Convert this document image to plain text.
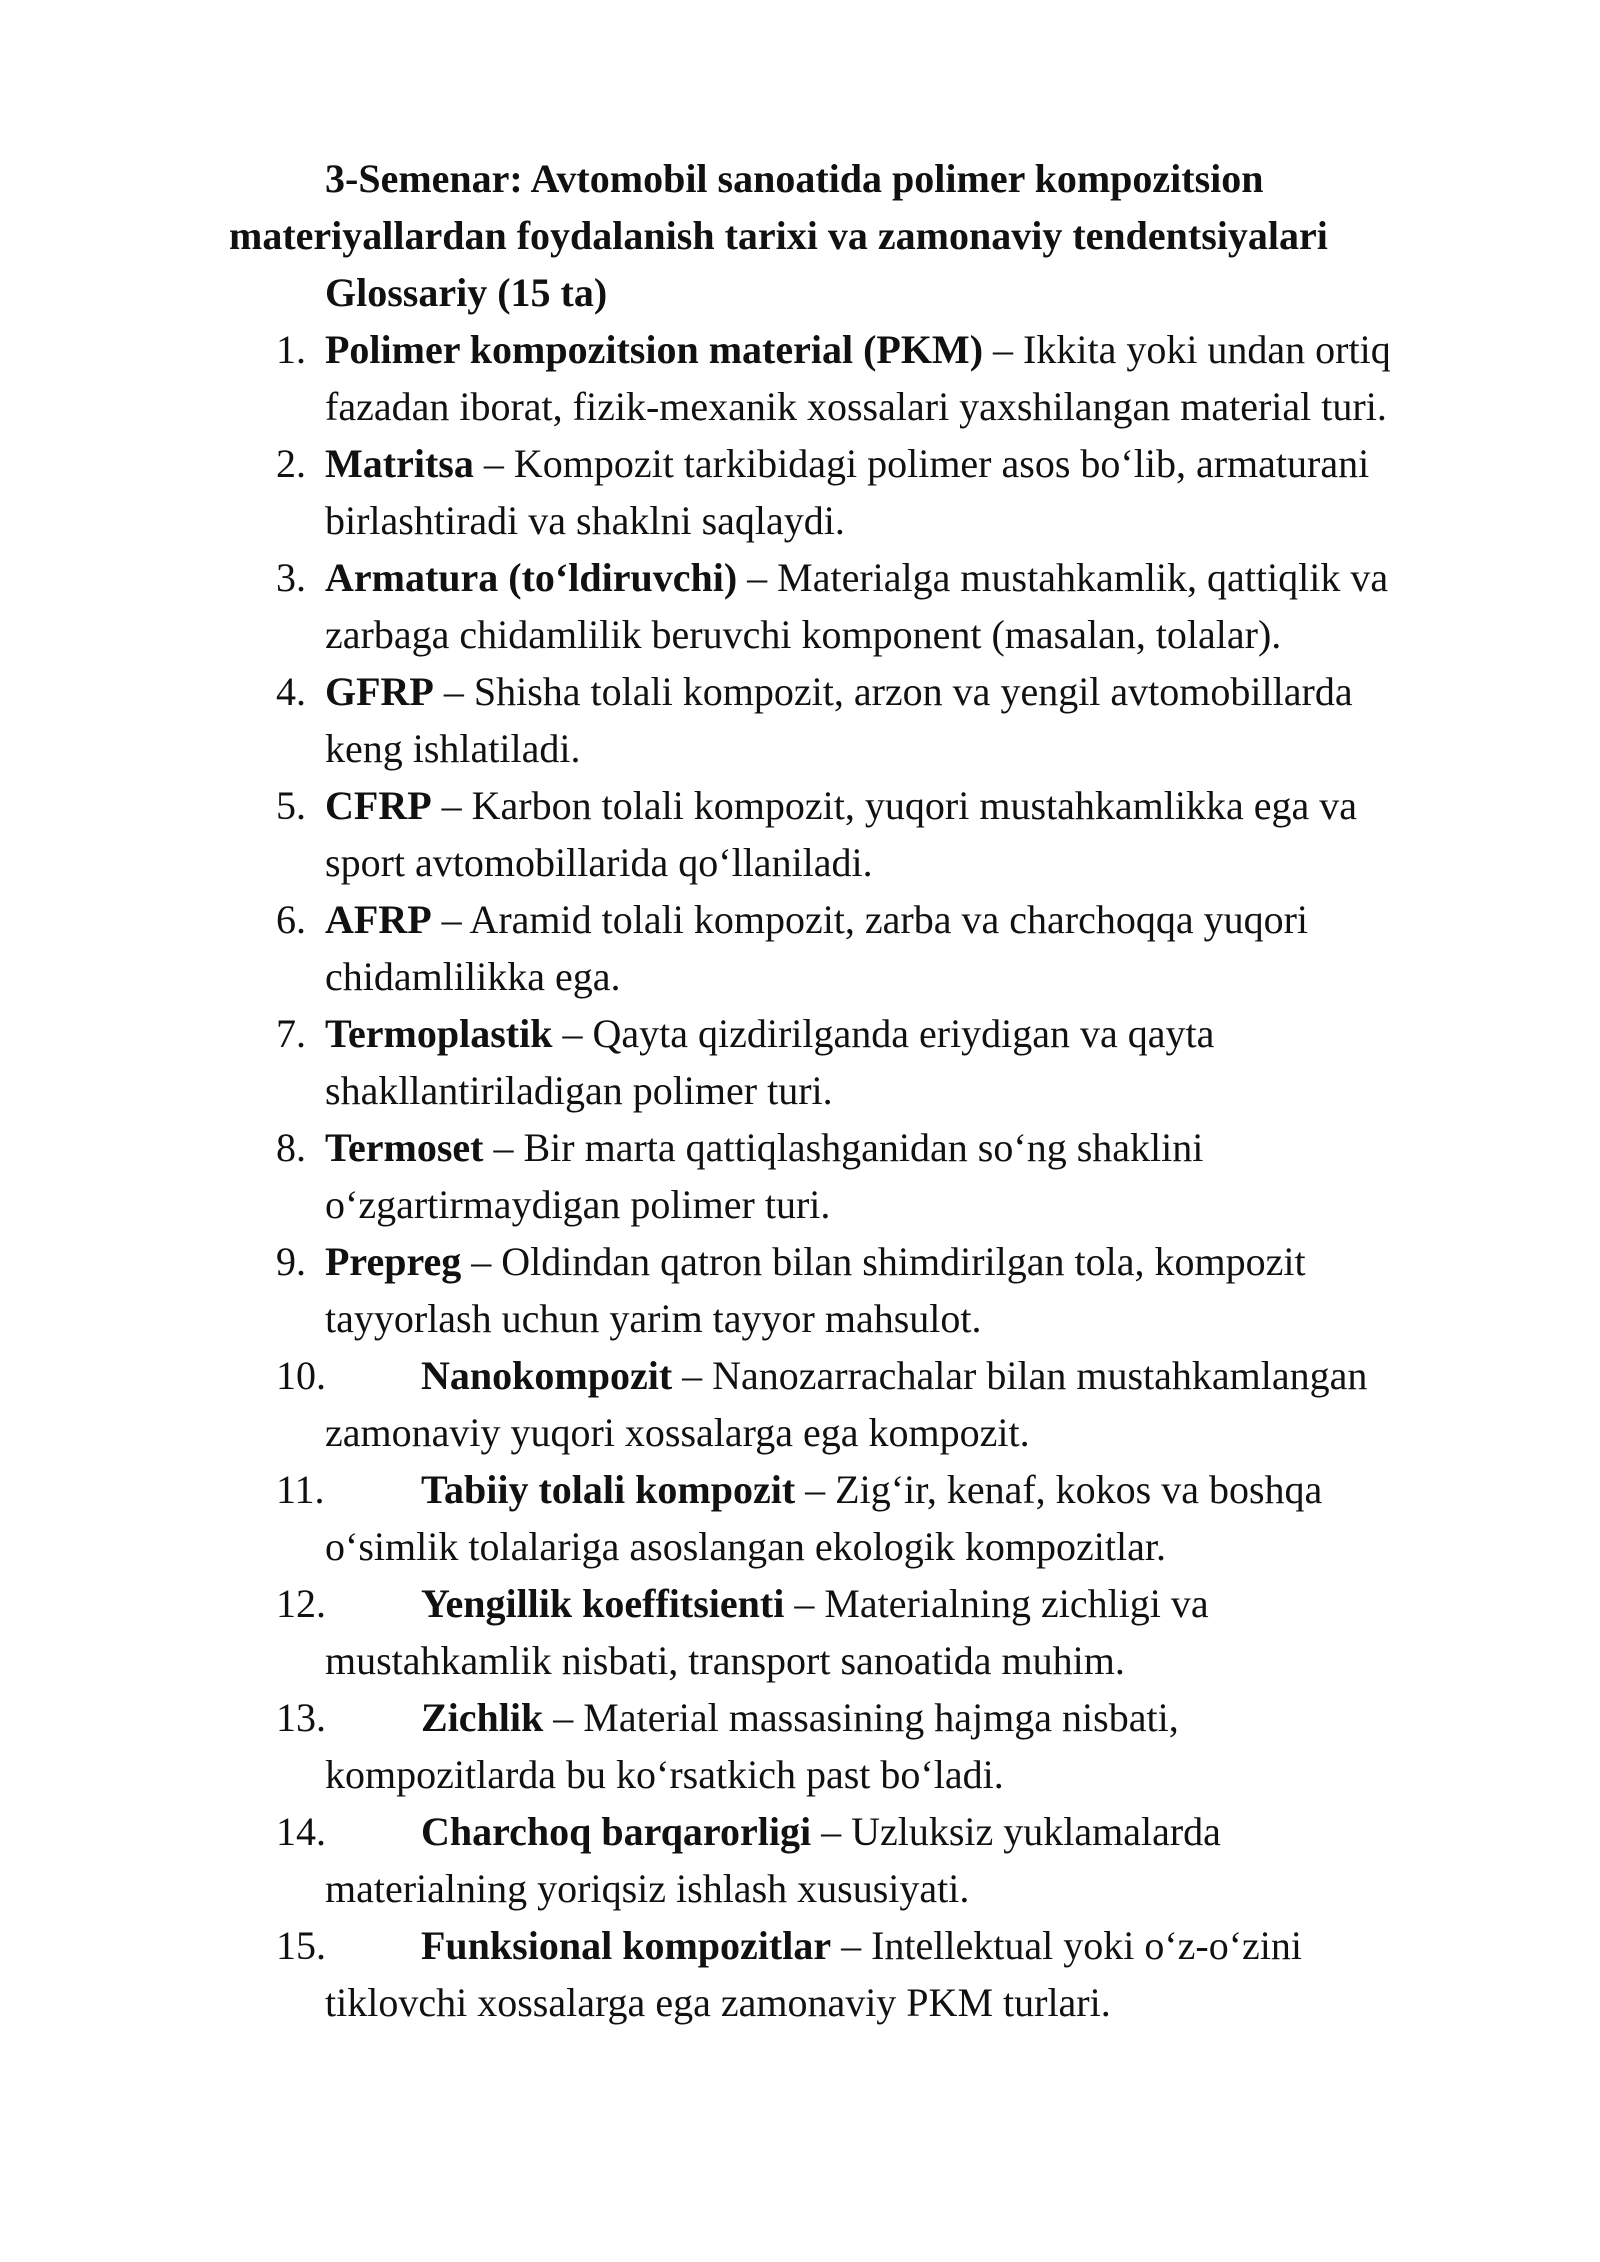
3-Semenar: Avtomobil sanoatida polimer kompozitsion
materiyallardan foydalanish tarixi va zamonaviy tendentsiyalari
Glossariy (15 ta)
1. Polimer kompozitsion material (PKM) – Ikkita yoki undan ortiq
fazadan iborat, fizik-mexanik xossalari yaxshilangan material turi.
2. Matritsa – Kompozit tarkibidagi polimer asos bo‘lib, armaturani
birlashtiradi va shaklni saqlaydi.
3. Armatura (to‘ldiruvchi) – Materialga mustahkamlik, qattiqlik va
zarbaga chidamlilik beruvchi komponent (masalan, tolalar).
4. GFRP – Shisha tolali kompozit, arzon va yengil avtomobillarda
keng ishlatiladi.
5. CFRP – Karbon tolali kompozit, yuqori mustahkamlikka ega va
sport avtomobillarida qo‘llaniladi.
6. AFRP – Aramid tolali kompozit, zarba va charchoqqa yuqori
chidamlilikka ega.
7. Termoplastik – Qayta qizdirilganda eriydigan va qayta
shakllantiriladigan polimer turi.
8. Termoset – Bir marta qattiqlashganidan so‘ng shaklini
o‘zgartirmaydigan polimer turi.
9. Prepreg – Oldindan qatron bilan shimdirilgan tola, kompozit
tayyorlash uchun yarim tayyor mahsulot.
10. Nanokompozit – Nanozarrachalar bilan mustahkamlangan
zamonaviy yuqori xossalarga ega kompozit.
11. Tabiiy tolali kompozit – Zig‘ir, kenaf, kokos va boshqa
o‘simlik tolalariga asoslangan ekologik kompozitlar.
12. Yengillik koeffitsienti – Materialning zichligi va
mustahkamlik nisbati, transport sanoatida muhim.
13. Zichlik – Material massasining hajmga nisbati,
kompozitlarda bu ko‘rsatkich past bo‘ladi.
14. Charchoq barqarorligi – Uzluksiz yuklamalarda
materialning yoriqsiz ishlash xususiyati.
15. Funksional kompozitlar – Intellektual yoki o‘z-o‘zini
tiklovchi xossalarga ega zamonaviy PKM turlari.
